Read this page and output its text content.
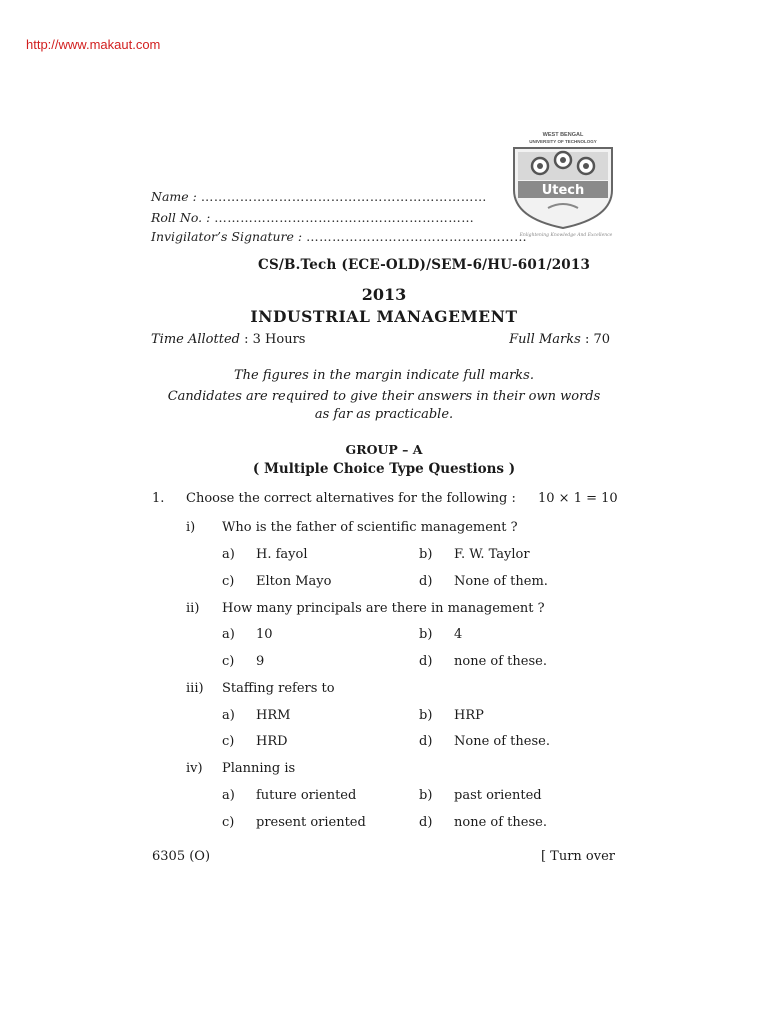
http://www.makaut.com
WEST BENGAL
UNIVERSITY OF TECHNOLOGY
Utech
Enlightening Knowledge And Excellence
Name : …………………………………………………………
Roll No. : ……………………………………………………
Invigilator’s Signature : ……………………………………………
CS/B.Tech (ECE-OLD)/SEM-6/HU-601/2013
2013
INDUSTRIAL MANAGEMENT
Time Allotted : 3 Hours	Full Marks : 70
The figures in the margin indicate full marks.
Candidates are required to give their answers in their own words
as far as practicable.
GROUP – A
( Multiple Choice Type Questions )
1. Choose the correct alternatives for the following : 10 × 1 = 10
i) Who is the father of scientific management ?
a) H. fayol	b) F. W. Taylor
c) Elton Mayo	d) None of them.
ii) How many principals are there in management ?
a) 10	b) 4
c) 9	d) none of these.
iii) Staffing refers to
a) HRM	b) HRP
c) HRD	d) None of these.
iv) Planning is
a) future oriented	b) past oriented
c) present oriented	d) none of these.
6305 (O)	[ Turn over
